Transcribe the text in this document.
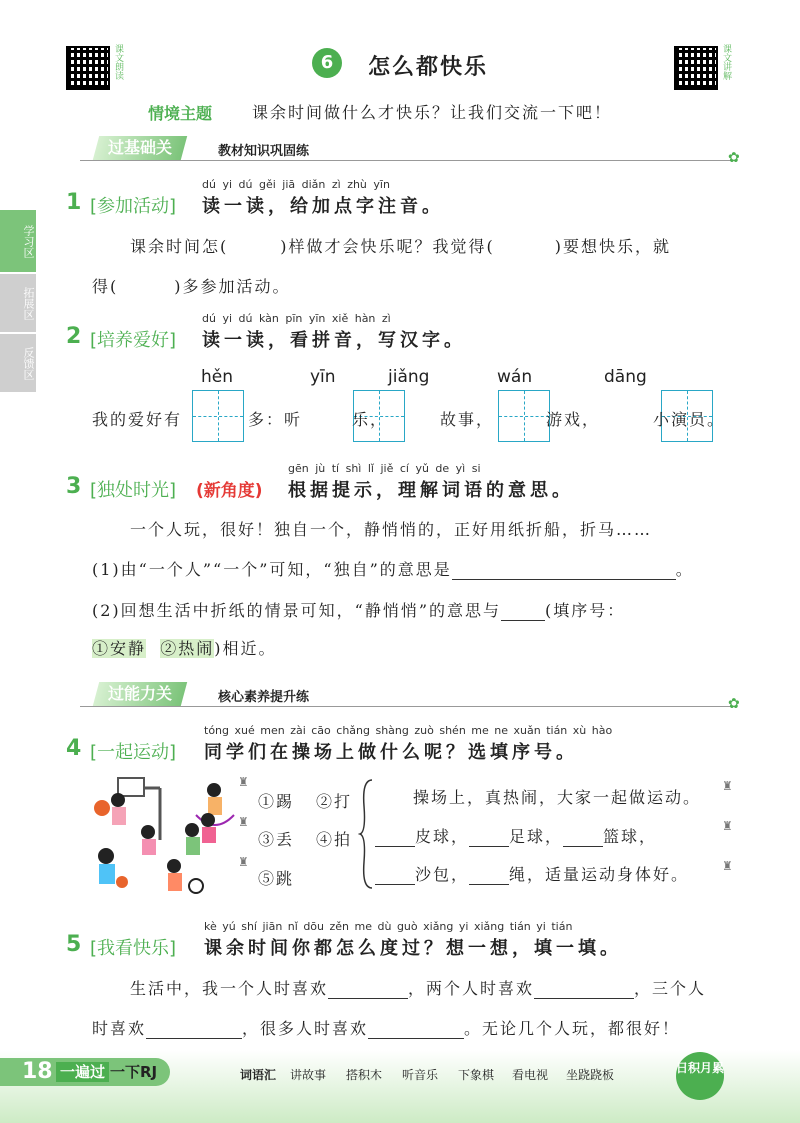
课文朗读	6	怎么都快乐	课文讲解
情境主题 课余时间做什么才快乐？让我们交流一下吧！
学习区
拓展区
反馈区
过基础关	教材知识巩固练	✿
dú yi dú gěi jiā diǎn zì zhù yīn
1 [参加活动] 读一读，给加点字注音。
课余时间怎(	)样做才会快乐呢？我觉得(	)要想快乐，就
得(	)多参加活动。
dú yi dú kàn pīn yīn xiě hàn zì
2 [培养爱好] 读一读，看拼音，写汉字。
hěn	yīn	jiǎng	wán	dāng
我的爱好有
	多：听
	乐，
	故事，
	游戏，	小演员。
gēn jù tí shì lǐ jiě cí yǔ de yì si
3 [独处时光] (新角度) 根据提示，理解词语的意思。
一个人玩，很好！独自一个，静悄悄的，正好用纸折船，折马……
(1)由“一个人”“一个”可知，“独自”的意思是	。
(2)回想生活中折纸的情景可知，“静悄悄”的意思与	(填序号：
①安静 ②热闹)相近。
过能力关	核心素养提升练	✿
tóng xué men zài cāo chǎng shàng zuò shén me ne xuǎn tián xù hào
4 [一起运动] 同学们在操场上做什么呢？选填序号。
①踢 ②打
③丢 ④拍
⑤跳
♜
♜
♜
操场上，真热闹，大家一起做运动。
皮球，	足球，	篮球，
沙包，	绳，适量运动身体好。
♜
♜
♜
kè yú shí jiān nǐ dōu zěn me dù guò xiǎng yi xiǎng tián yi tián
5 [我看快乐] 课余时间你都怎么度过？想一想，填一填。
生活中，我一个人时喜欢	，两个人时喜欢	，三个人
时喜欢	，很多人时喜欢	。无论几个人玩，都很好！
18 一遍过 一下RJ	词语汇 讲故事 搭积木 听音乐 下象棋 看电视 坐跷跷板	日积月累
